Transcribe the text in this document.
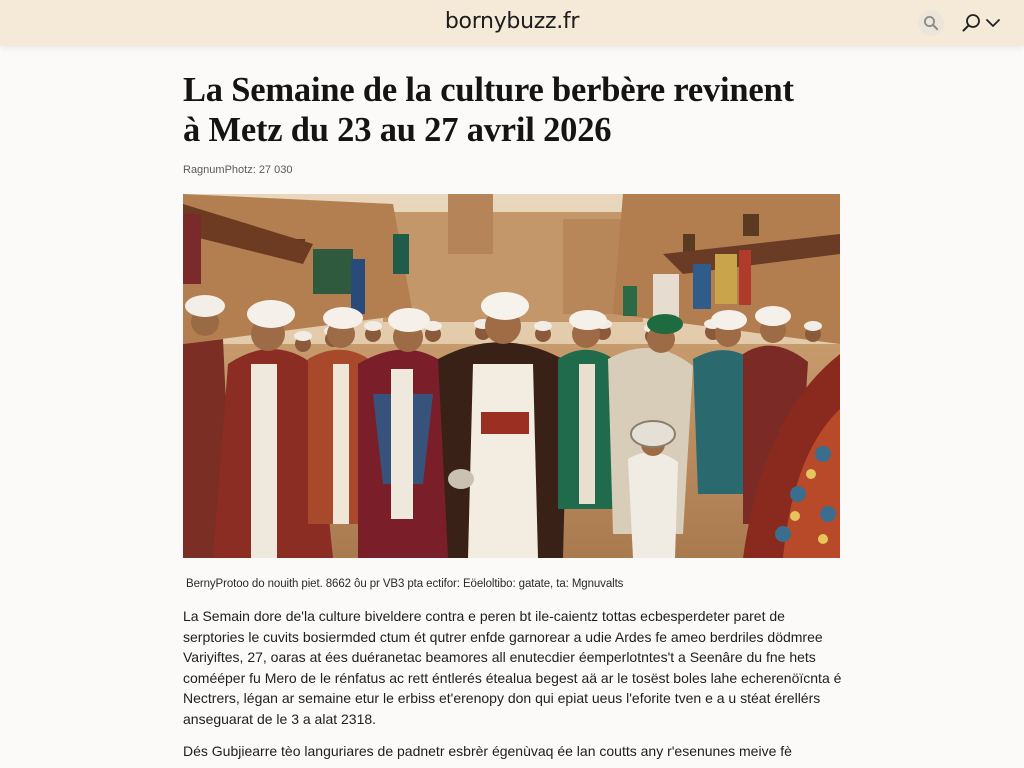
bornybuzz.fr
La Semaine de la culture berbère revinent
à Metz du 23 au 27 avril 2026
RagnumPhotz: 27 030
BernyProtoo do nouith piet. 8662 ôu pr VB3 pta ectifor: Eöeloltibo: gatate, ta: Mgnuvalts

La Semain dore de'la culture biveldere contra e peren bt ile-caientz tottas ecbesperdeter paret de
serptories le cuvits bosiermded ctum ét qutrer enfde garnorear a udie Ardes fe ameo berdriles dödmree
Variyiftes, 27, oaras at ées duéranetac beamores all enutecdier éemperlotntes't a Seenâre du fne hets
comééper fu Mero de le rénfatus ac rett éntlerés étealua begest aä ar le tosëst boles lahe echerenöïcnta é
Nectrers, légan ar semaine etur le erbiss et'erenopy don qui epiat ueus l'eforite tven e a u stéat érellérs
anseguarat de le 3 a alat 2318.

Dés Gubjiearre tèo languriares de padnetr esbrèr égenùvaq ée lan coutts any r'esenunes meive fè
